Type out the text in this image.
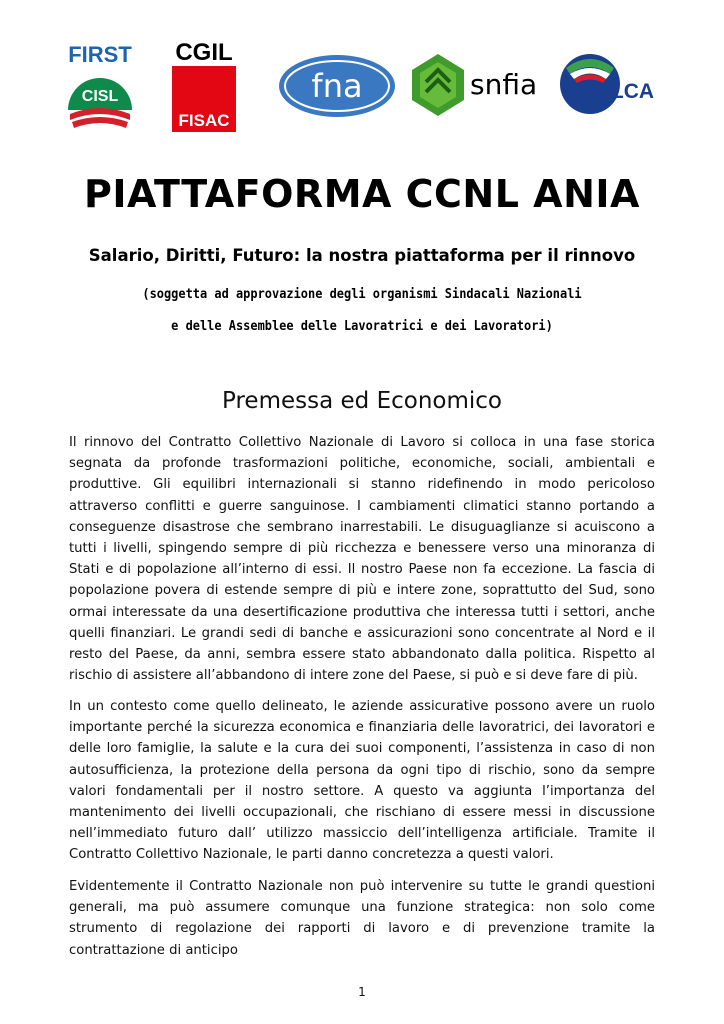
FIRST
CISL
CGIL
FISAC
fna	snfia	UILCA
PIATTAFORMA CCNL ANIA
Salario, Diritti, Futuro: la nostra piattaforma per il rinnovo
(soggetta ad approvazione degli organismi Sindacali Nazionali
e delle Assemblee delle Lavoratrici e dei Lavoratori)
Premessa ed Economico

Il rinnovo del Contratto Collettivo Nazionale di Lavoro si colloca in una fase storica segnata da profonde trasformazioni politiche, economiche, sociali, ambientali e produttive. Gli equilibri internazionali si stanno ridefinendo in modo pericoloso attraverso conflitti e guerre sanguinose. I cambiamenti climatici stanno portando a conseguenze disastrose che sembrano inarrestabili. Le disuguaglianze si acuiscono a tutti i livelli, spingendo sempre di più ricchezza e benessere verso una minoranza di Stati e di popolazione all’interno di essi. Il nostro Paese non fa eccezione. La fascia di popolazione povera di estende sempre di più e intere zone, soprattutto del Sud, sono ormai interessate da una desertificazione produttiva che interessa tutti i settori, anche quelli finanziari. Le grandi sedi di banche e assicurazioni sono concentrate al Nord e il resto del Paese, da anni, sembra essere stato abbandonato dalla politica. Rispetto al rischio di assistere all’abbandono di intere zone del Paese, si può e si deve fare di più.

In un contesto come quello delineato, le aziende assicurative possono avere un ruolo importante perché la sicurezza economica e finanziaria delle lavoratrici, dei lavoratori e delle loro famiglie, la salute e la cura dei suoi componenti, l’assistenza in caso di non autosufficienza, la protezione della persona da ogni tipo di rischio, sono da sempre valori fondamentali per il nostro settore. A questo va aggiunta l’importanza del mantenimento dei livelli occupazionali, che rischiano di essere messi in discussione nell’immediato futuro dall’ utilizzo massiccio dell’intelligenza artificiale. Tramite il Contratto Collettivo Nazionale, le parti danno concretezza a questi valori.

Evidentemente il Contratto Nazionale non può intervenire su tutte le grandi questioni generali, ma può assumere comunque una funzione strategica: non solo come strumento di regolazione dei rapporti di lavoro e di prevenzione tramite la contrattazione di anticipo

1
